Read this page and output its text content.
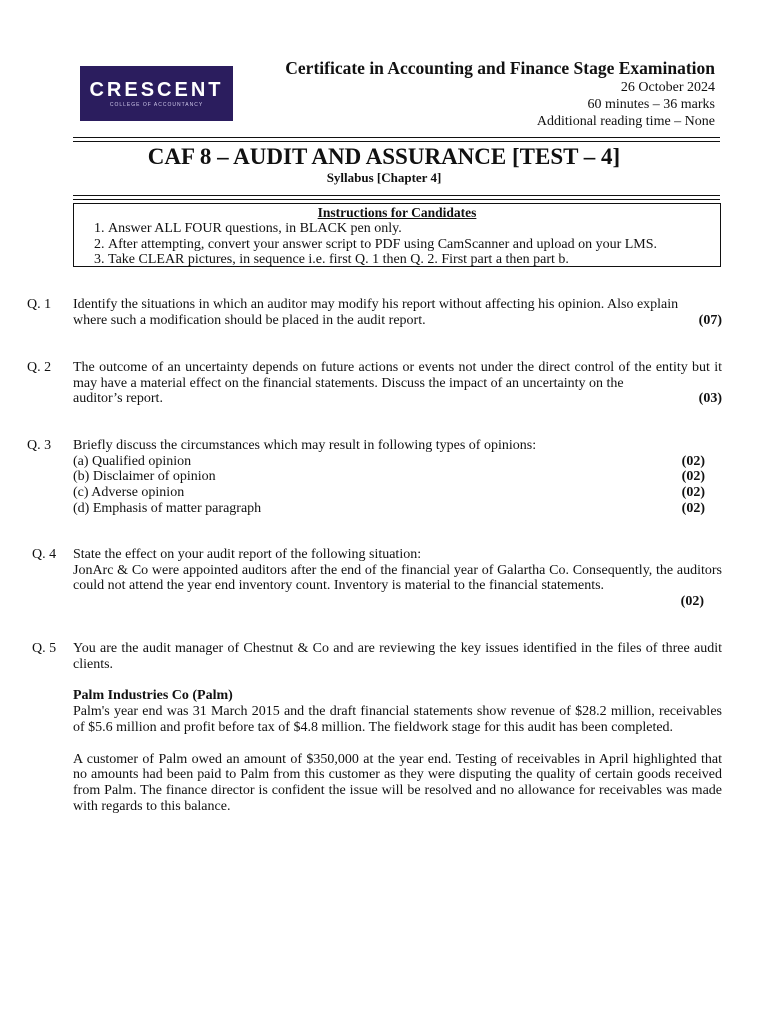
CRESCENT
COLLEGE OF ACCOUNTANCY
Certificate in Accounting and Finance Stage Examination
26 October 2024
60 minutes – 36 marks
Additional reading time – None
CAF 8 – AUDIT AND ASSURANCE [TEST – 4]
Syllabus [Chapter 4]
Instructions for Candidates
1. Answer ALL FOUR questions, in BLACK pen only.
2. After attempting, convert your answer script to PDF using CamScanner and upload on your LMS.
3. Take CLEAR pictures, in sequence i.e. first Q. 1 then Q. 2. First part a then part b.
Q. 1	Identify the situations in which an auditor may modify his report without affecting his opinion. Also explain
where such a modification should be placed in the audit report.	(07)
Q. 2	The outcome of an uncertainty depends on future actions or events not under the direct control of the entity but it may have a material effect on the financial statements. Discuss the impact of an uncertainty on the
auditor’s report.	(03)
Q. 3	Briefly discuss the circumstances which may result in following types of opinions:
(a) Qualified opinion	(02)
(b) Disclaimer of opinion	(02)
(c) Adverse opinion	(02)
(d) Emphasis of matter paragraph	(02)
Q. 4	State the effect on your audit report of the following situation:
JonArc & Co were appointed auditors after the end of the financial year of Galartha Co. Consequently, the auditors could not attend the year end inventory count. Inventory is material to the financial statements.
(02)
Q. 5	You are the audit manager of Chestnut & Co and are reviewing the key issues identified in the files of three audit clients.

Palm Industries Co (Palm)

Palm's year end was 31 March 2015 and the draft financial statements show revenue of $28.2 million, receivables of $5.6 million and profit before tax of $4.8 million. The fieldwork stage for this audit has been completed.

A customer of Palm owed an amount of $350,000 at the year end. Testing of receivables in April highlighted that no amounts had been paid to Palm from this customer as they were disputing the quality of certain goods received from Palm. The finance director is confident the issue will be resolved and no allowance for receivables was made with regards to this balance.
